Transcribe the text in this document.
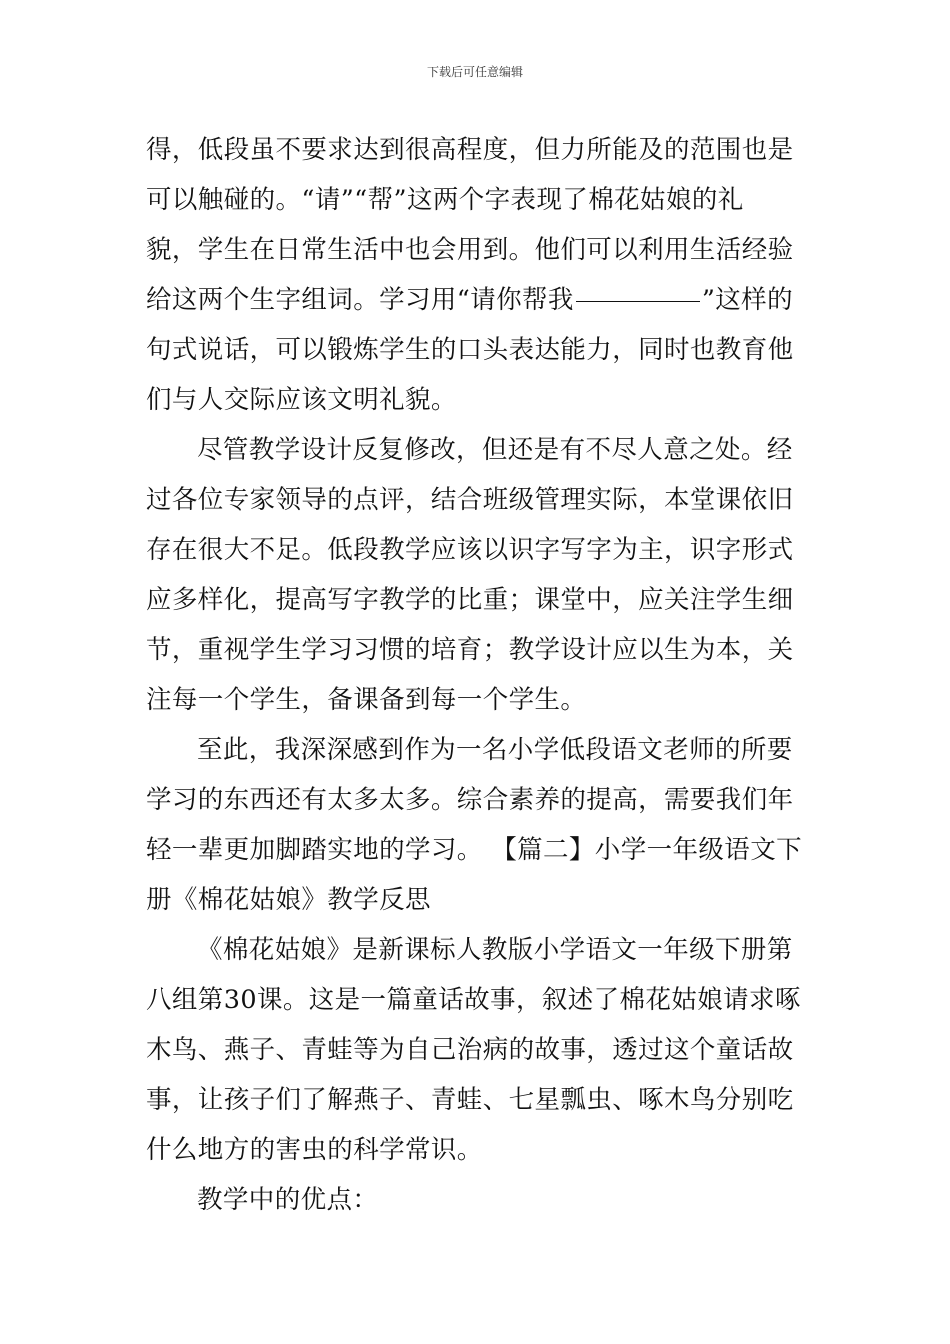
下载后可任意编辑
得，低段虽不要求达到很高程度，但力所能及的范围也是
可以触碰的。“请”“帮”这两个字表现了棉花姑娘的礼
貌，学生在日常生活中也会用到。他们可以利用生活经验
给这两个生字组词。学习用“请你帮我	”这样的
句式说话，可以锻炼学生的口头表达能力，同时也教育他
们与人交际应该文明礼貌。
尽管教学设计反复修改，但还是有不尽人意之处。经
过各位专家领导的点评，结合班级管理实际，本堂课依旧
存在很大不足。低段教学应该以识字写字为主，识字形式
应多样化，提高写字教学的比重；课堂中，应关注学生细
节，重视学生学习习惯的培育；教学设计应以生为本，关
注每一个学生，备课备到每一个学生。
至此，我深深感到作为一名小学低段语文老师的所要
学习的东西还有太多太多。综合素养的提高，需要我们年
轻一辈更加脚踏实地的学习。 【篇二】小学一年级语文下
册《棉花姑娘》教学反思
《棉花姑娘》是新课标人教版小学语文一年级下册第
八组第30课。这是一篇童话故事，叙述了棉花姑娘请求啄
木鸟、燕子、青蛙等为自己治病的故事，透过这个童话故
事，让孩子们了解燕子、青蛙、七星瓢虫、啄木鸟分别吃
什么地方的害虫的科学常识。
教学中的优点：
